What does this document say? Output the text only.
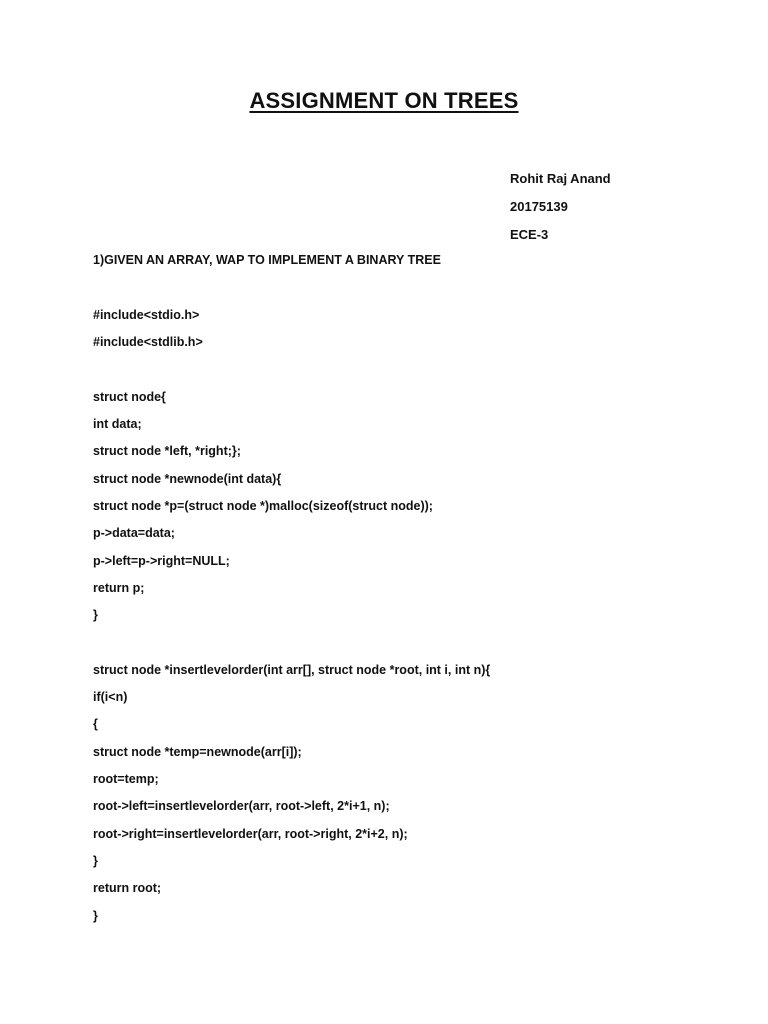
ASSIGNMENT ON TREES
Rohit Raj Anand
20175139
ECE-3
1)GIVEN AN ARRAY, WAP TO IMPLEMENT A BINARY TREE
#include<stdio.h>
#include<stdlib.h>
struct node{
int data;
struct node *left, *right;};
struct node *newnode(int data){
struct node *p=(struct node *)malloc(sizeof(struct node));
p->data=data;
p->left=p->right=NULL;
return p;
}
struct node *insertlevelorder(int arr[], struct node *root, int i, int n){
if(i<n)
{
struct node *temp=newnode(arr[i]);
root=temp;
root->left=insertlevelorder(arr, root->left, 2*i+1, n);
root->right=insertlevelorder(arr, root->right, 2*i+2, n);
}
return root;
}
